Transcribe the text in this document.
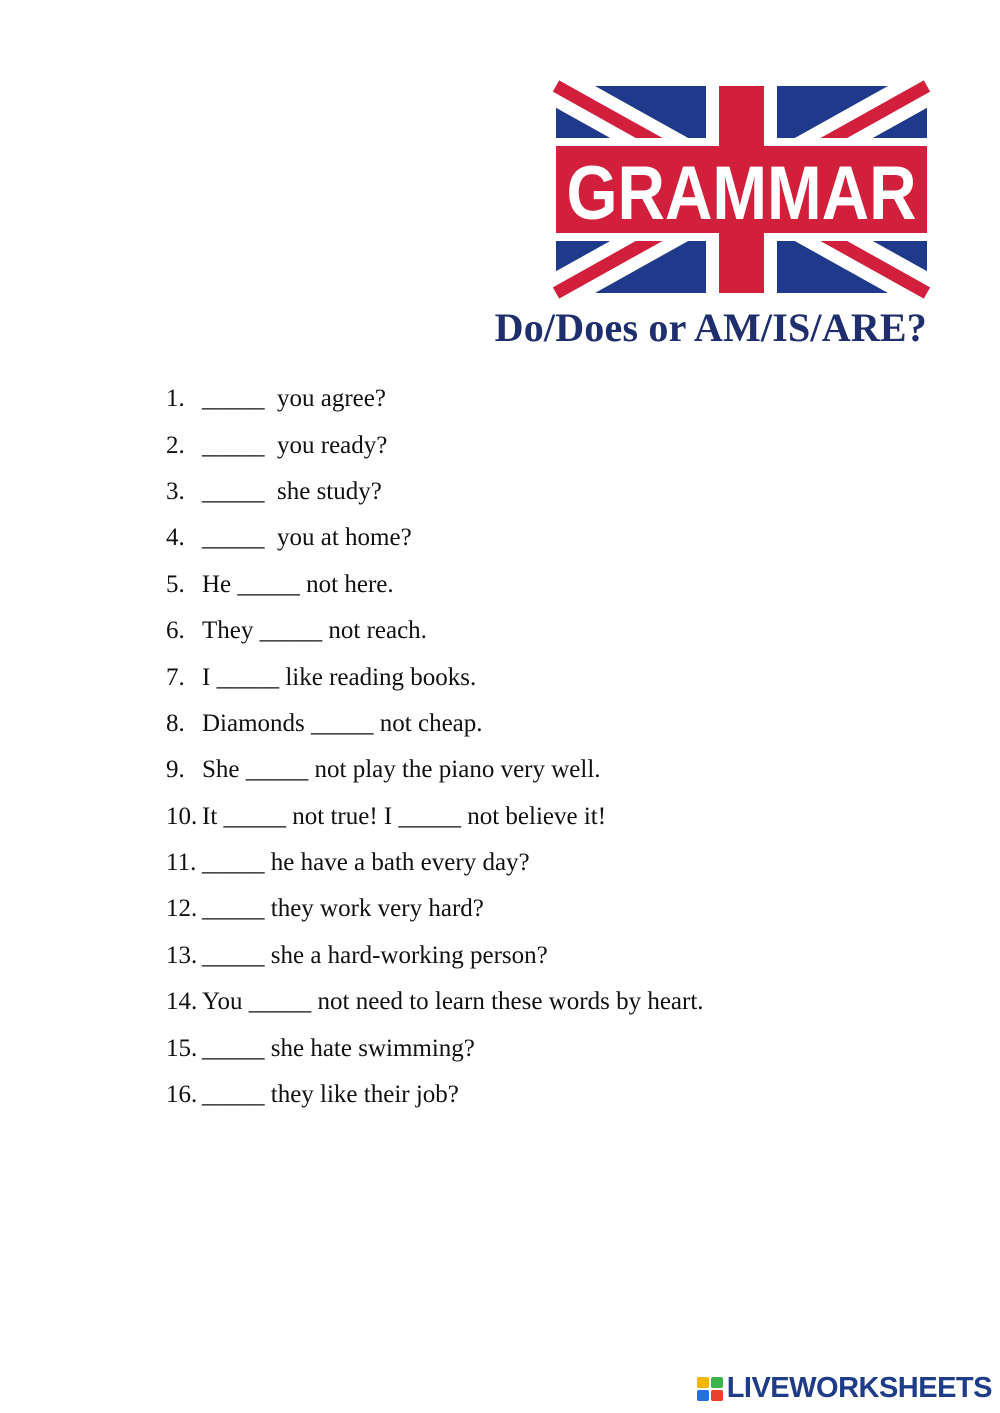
GRAMMAR
Do/Does or AM/IS/ARE?
1. _____  you agree?
2. _____  you ready?
3. _____  she study?
4. _____  you at home?
5. He _____ not here.
6. They _____ not reach.
7. I _____ like reading books.
8. Diamonds _____ not cheap.
9. She _____ not play the piano very well.
10. It _____ not true! I _____ not believe it!
11. _____ he have a bath every day?
12. _____ they work very hard?
13. _____ she a hard-working person?
14. You _____ not need to learn these words by heart.
15. _____ she hate swimming?
16. _____ they like their job?
LIVEWORKSHEETS
